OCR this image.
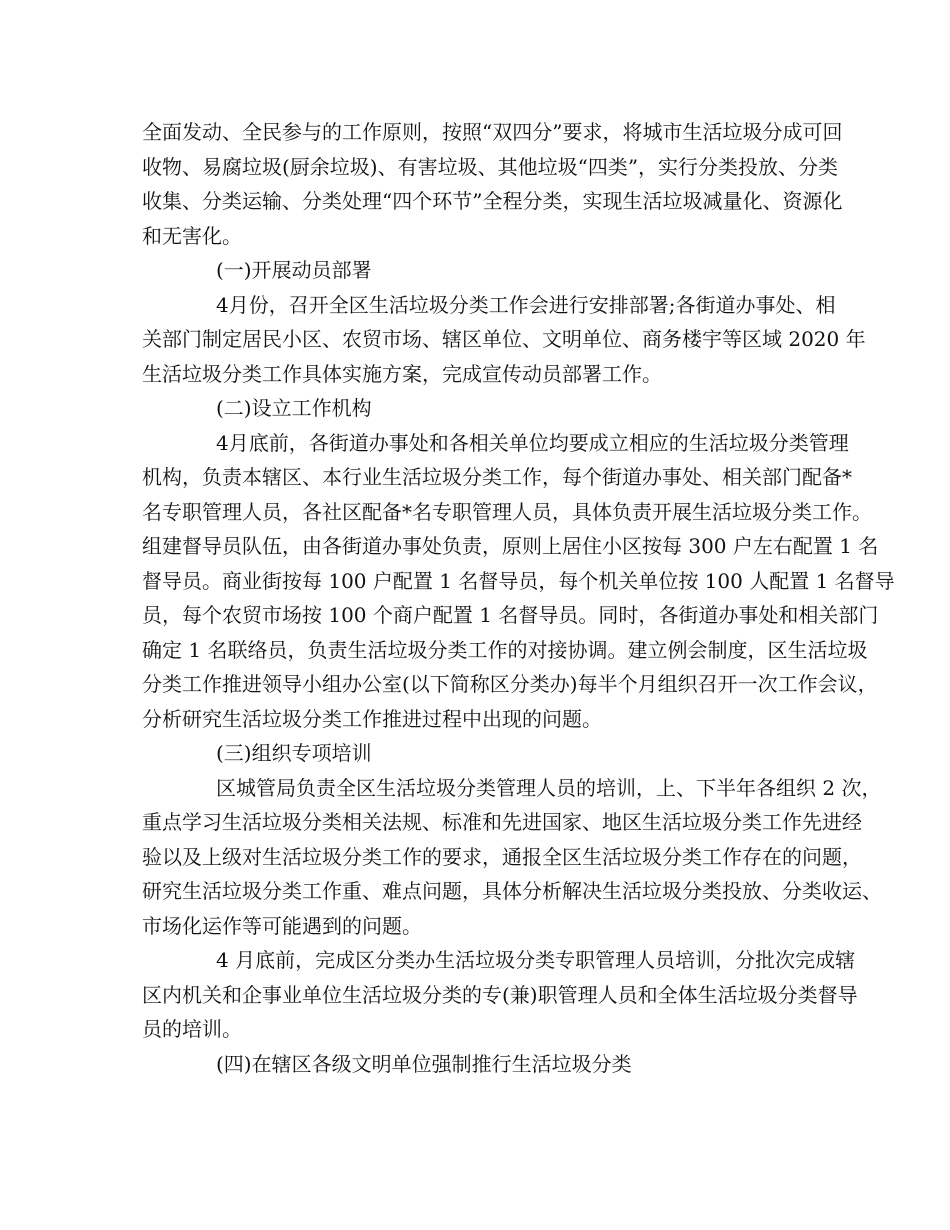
全面发动、全民参与的工作原则，按照“双四分”要求，将城市生活垃圾分成可回
收物、易腐垃圾(厨余垃圾)、有害垃圾、其他垃圾“四类”，实行分类投放、分类
收集、分类运输、分类处理“四个环节”全程分类，实现生活垃圾减量化、资源化
和无害化。
(一)开展动员部署
4月份，召开全区生活垃圾分类工作会进行安排部署;各街道办事处、相
关部门制定居民小区、农贸市场、辖区单位、文明单位、商务楼宇等区域 2020 年
生活垃圾分类工作具体实施方案，完成宣传动员部署工作。
(二)设立工作机构
4月底前，各街道办事处和各相关单位均要成立相应的生活垃圾分类管理
机构，负责本辖区、本行业生活垃圾分类工作，每个街道办事处、相关部门配备*
名专职管理人员，各社区配备*名专职管理人员，具体负责开展生活垃圾分类工作。
组建督导员队伍，由各街道办事处负责，原则上居住小区按每 300 户左右配置 1 名
督导员。商业街按每 100 户配置 1 名督导员，每个机关单位按 100 人配置 1 名督导
员，每个农贸市场按 100 个商户配置 1 名督导员。同时，各街道办事处和相关部门
确定 1 名联络员，负责生活垃圾分类工作的对接协调。建立例会制度，区生活垃圾
分类工作推进领导小组办公室(以下简称区分类办)每半个月组织召开一次工作会议，
分析研究生活垃圾分类工作推进过程中出现的问题。
(三)组织专项培训
区城管局负责全区生活垃圾分类管理人员的培训，上、下半年各组织 2 次，
重点学习生活垃圾分类相关法规、标准和先进国家、地区生活垃圾分类工作先进经
验以及上级对生活垃圾分类工作的要求，通报全区生活垃圾分类工作存在的问题，
研究生活垃圾分类工作重、难点问题，具体分析解决生活垃圾分类投放、分类收运、
市场化运作等可能遇到的问题。
4 月底前，完成区分类办生活垃圾分类专职管理人员培训，分批次完成辖
区内机关和企事业单位生活垃圾分类的专(兼)职管理人员和全体生活垃圾分类督导
员的培训。
(四)在辖区各级文明单位强制推行生活垃圾分类
